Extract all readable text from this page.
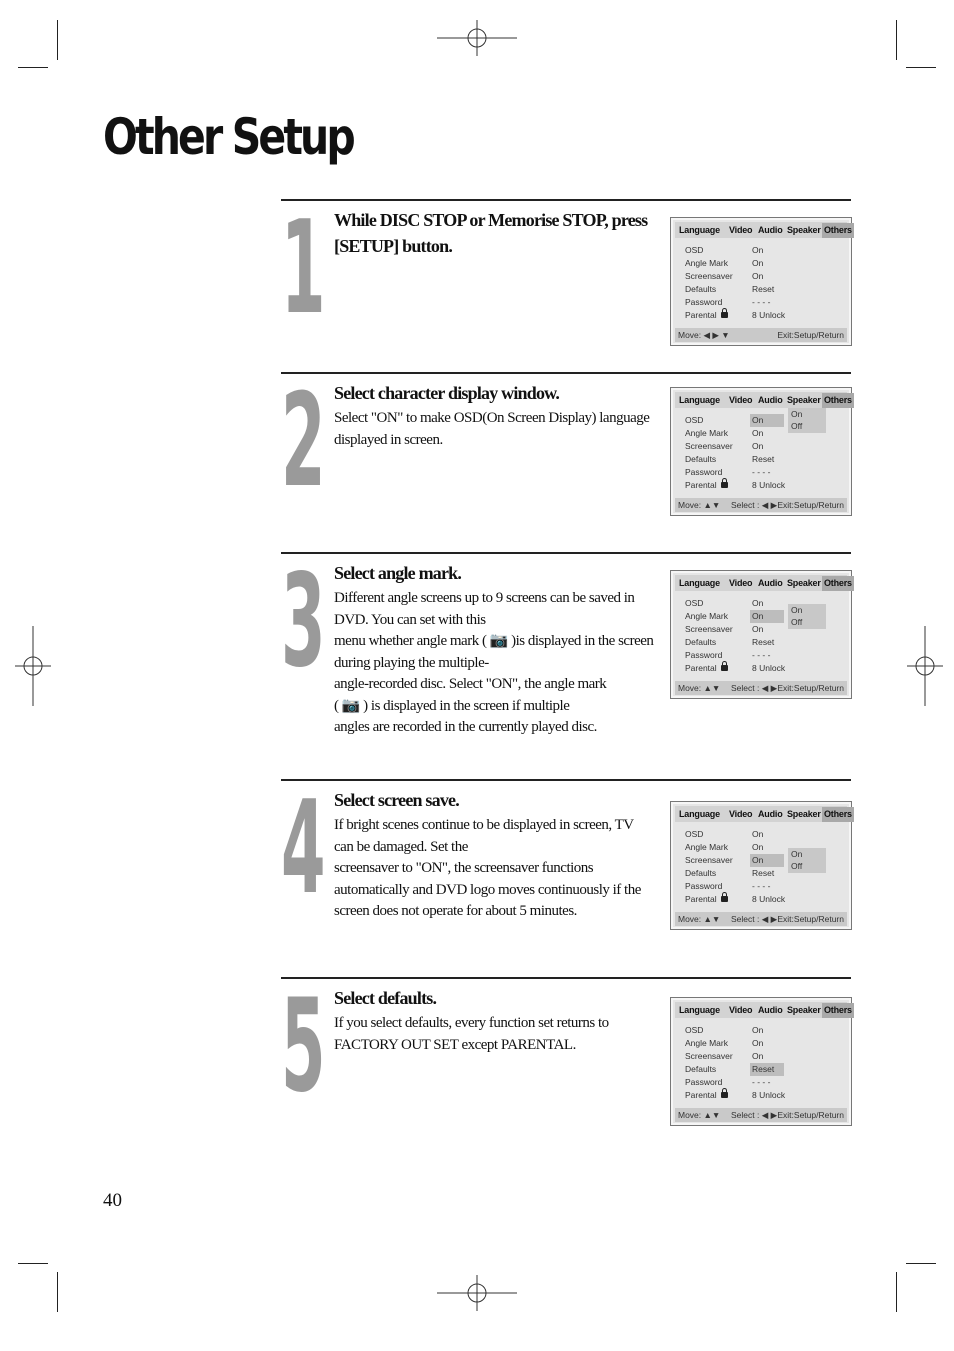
Other Setup
1 While DISC STOP or Memorise STOP, press [SETUP] button.
Language Video Audio Speaker Others
OSD	On
Angle Mark	On
Screensaver On
Defaults	Reset
Password	- - - -
Parental	8 Unlock
Move: ◀ ▶ ▼	Exit:Setup/Return
2 Select character display window.

Select "ON" to make OSD(On Screen Display) language displayed in screen.

Language Video Audio Speaker Others
OSD	On
Angle Mark	On
Screensaver On
Defaults	Reset
Password	- - - -
Parental	8 Unlock
On
Off
Move: ▲▼ Select : ◀ ▶ Exit:Setup/Return
3 Select angle mark.

Different angle screens up to 9 screens can be saved in DVD. You can set with this

menu whether angle mark ( 📷 )is displayed in the screen during playing the multiple-

angle-recorded disc. Select "ON", the angle mark

( 📷 ) is displayed in the screen if multiple

angles are recorded in the currently played disc.

Language Video Audio Speaker Others
OSD	On
Angle Mark	On
Screensaver On
Defaults	Reset
Password	- - - -
Parental	8 Unlock
On
Off
Move: ▲▼ Select : ◀ ▶ Exit:Setup/Return
4 Select screen save.

If bright scenes continue to be displayed in screen, TV can be damaged. Set the

screensaver to "ON", the screensaver functions automatically and DVD logo moves continuously if the screen does not operate for about 5 minutes.

Language Video Audio Speaker Others
OSD	On
Angle Mark	On
Screensaver On
Defaults	Reset
Password	- - - -
Parental	8 Unlock
On
Off
Move: ▲▼ Select : ◀ ▶ Exit:Setup/Return
5 Select defaults.

If you select defaults, every function set returns to FACTORY OUT SET except PARENTAL.

Language Video Audio Speaker Others
OSD	On
Angle Mark	On
Screensaver On
Defaults	Reset
Password	- - - -
Parental	8 Unlock
Move: ▲▼ Select : ◀ ▶ Exit:Setup/Return
40
